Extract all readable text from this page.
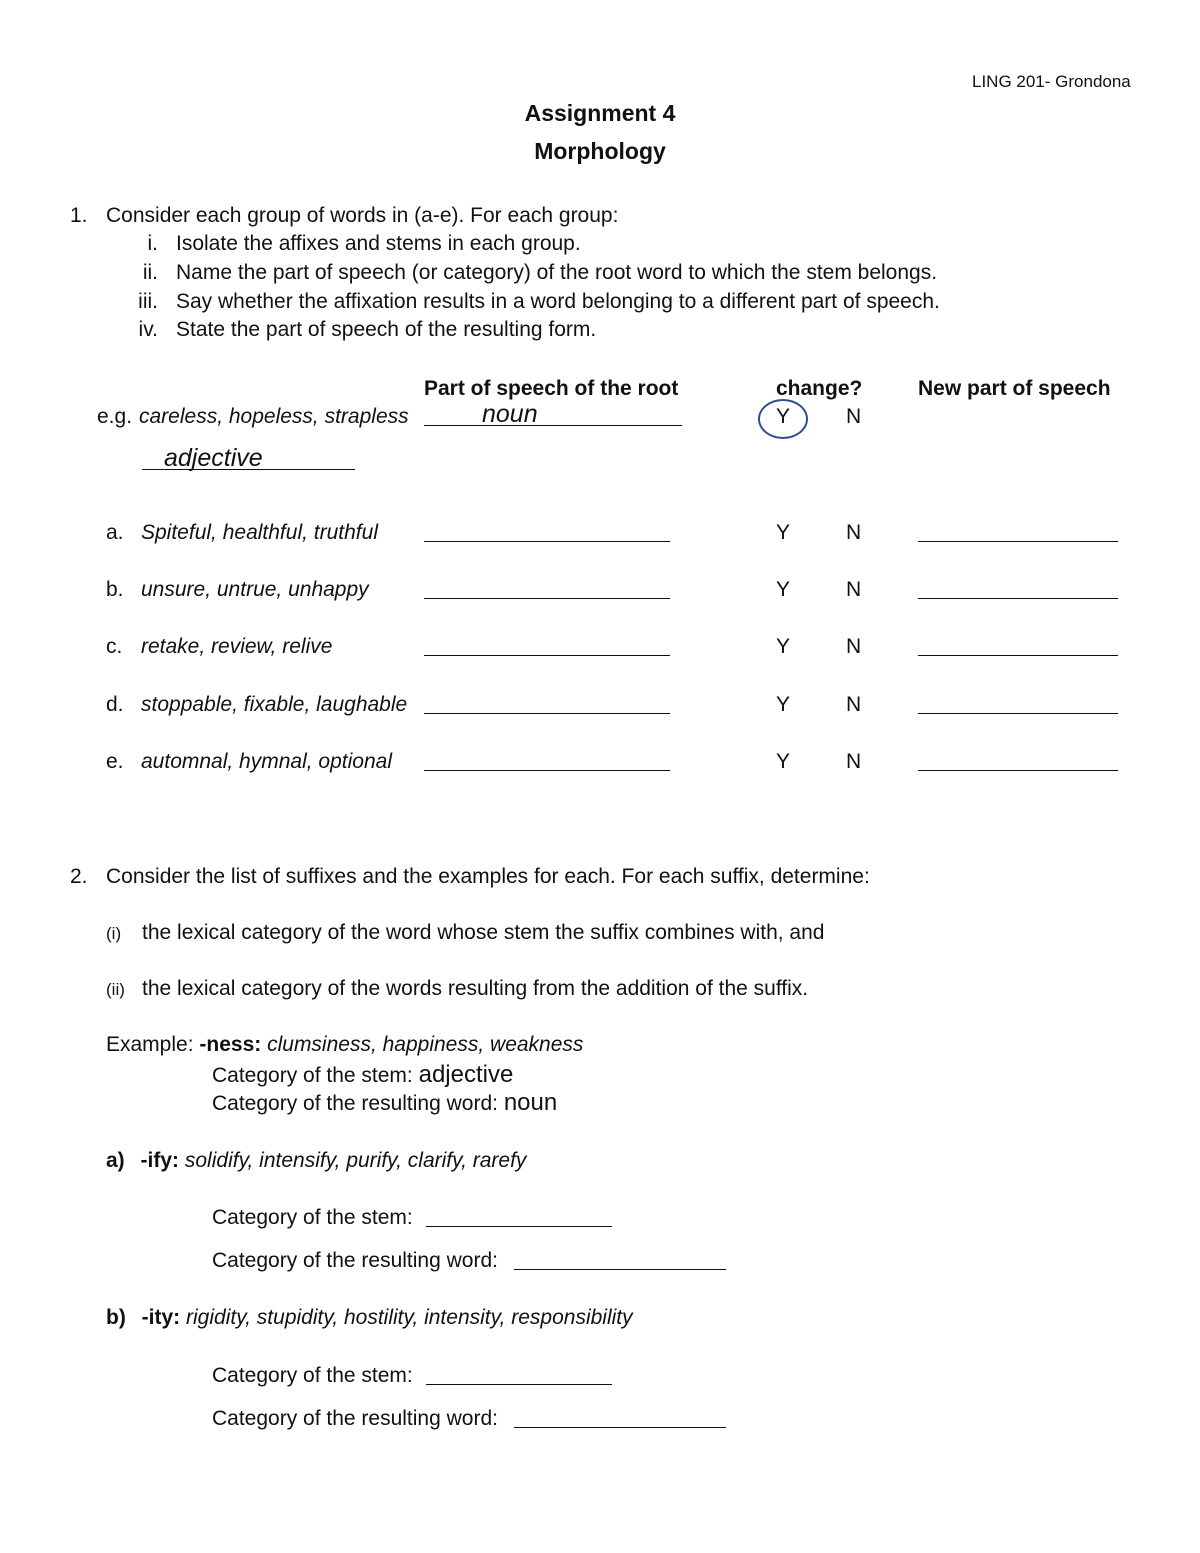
LING 201- Grondona
Assignment 4
Morphology
1. Consider each group of words in (a-e). For each group:
i. Isolate the affixes and stems in each group.
ii. Name the part of speech (or category) of the root word to which the stem belongs.
iii. Say whether the affixation results in a word belonging to a different part of speech.
iv. State the part of speech of the resulting form.
Part of speech of the root	change?	New part of speech
e.g. careless, hopeless, strapless	noun	Y	N
adjective
a. Spiteful, healthful, truthful	Y	N
b. unsure, untrue, unhappy	Y	N
c. retake, review, relive	Y	N
d. stoppable, fixable, laughable	Y	N
e. automnal, hymnal, optional	Y	N
2. Consider the list of suffixes and the examples for each. For each suffix, determine:
(i) the lexical category of the word whose stem the suffix combines with, and
(ii) the lexical category of the words resulting from the addition of the suffix.
Example: -ness: clumsiness, happiness, weakness
Category of the stem: adjective
Category of the resulting word: noun
a) -ify: solidify, intensify, purify, clarify, rarefy
Category of the stem:
Category of the resulting word:
b) -ity: rigidity, stupidity, hostility, intensity, responsibility
Category of the stem:
Category of the resulting word:
